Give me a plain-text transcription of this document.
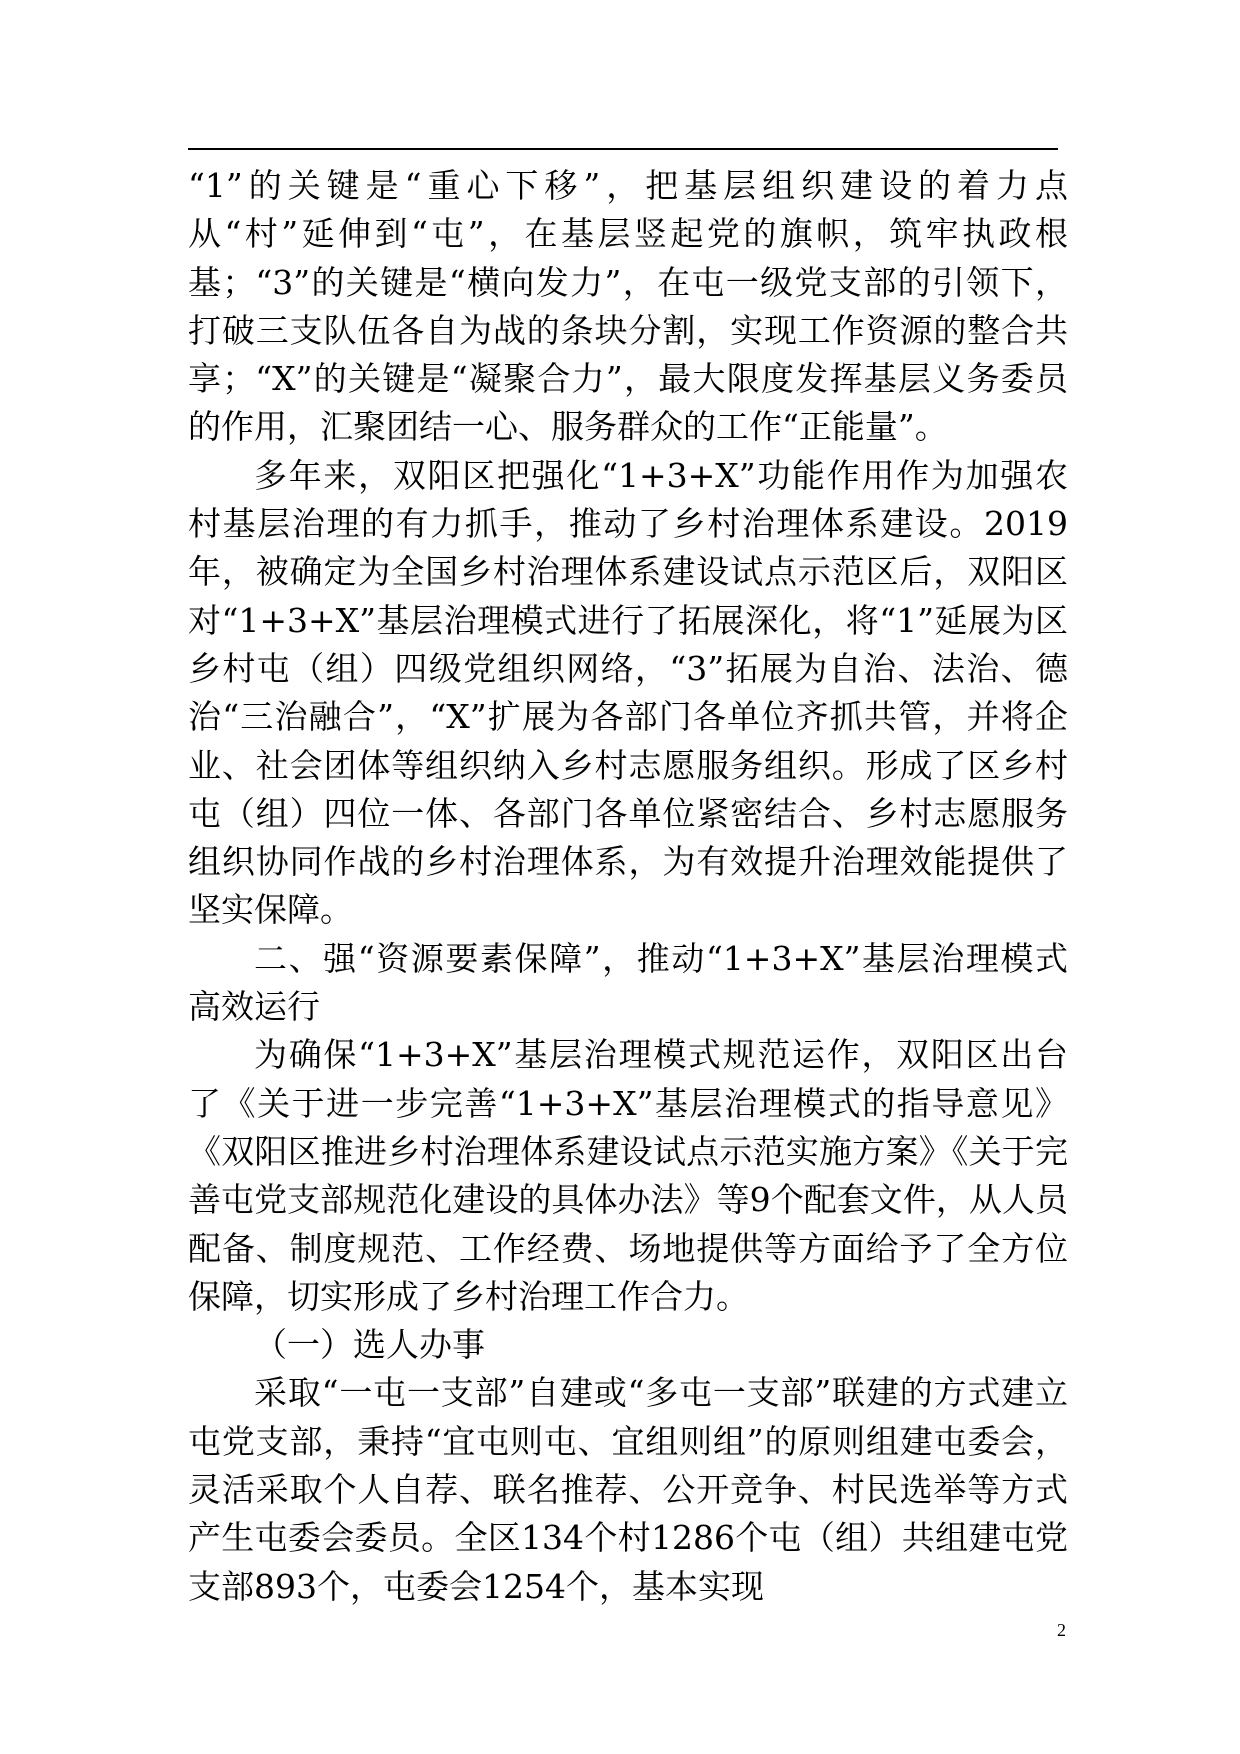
“1”的关键是“重心下移”，把基层组织建设的着力点从“村”延伸到“屯”，在基层竖起党的旗帜，筑牢执政根基；“3”的关键是“横向发力”，在屯一级党支部的引领下，打破三支队伍各自为战的条块分割，实现工作资源的整合共享；“X”的关键是“凝聚合力”，最大限度发挥基层义务委员的作用，汇聚团结一心、服务群众的工作“正能量”。

多年来，双阳区把强化“1+3+X”功能作用作为加强农村基层治理的有力抓手，推动了乡村治理体系建设。2019年，被确定为全国乡村治理体系建设试点示范区后，双阳区对“1+3+X”基层治理模式进行了拓展深化，将“1”延展为区乡村屯（组）四级党组织网络，“3”拓展为自治、法治、德治“三治融合”，“X”扩展为各部门各单位齐抓共管，并将企业、社会团体等组织纳入乡村志愿服务组织。形成了区乡村屯（组）四位一体、各部门各单位紧密结合、乡村志愿服务组织协同作战的乡村治理体系，为有效提升治理效能提供了坚实保障。

二、强“资源要素保障”，推动“1+3+X”基层治理模式高效运行

为确保“1+3+X”基层治理模式规范运作，双阳区出台了《关于进一步完善“1+3+X”基层治理模式的指导意见》《双阳区推进乡村治理体系建设试点示范实施方案》《关于完善屯党支部规范化建设的具体办法》等9个配套文件，从人员配备、制度规范、工作经费、场地提供等方面给予了全方位保障，切实形成了乡村治理工作合力。

（一）选人办事

采取“一屯一支部”自建或“多屯一支部”联建的方式建立屯党支部，秉持“宜屯则屯、宜组则组”的原则组建屯委会，灵活采取个人自荐、联名推荐、公开竞争、村民选举等方式产生屯委会委员。全区134个村1286个屯（组）共组建屯党支部893个，屯委会1254个，基本实现

2
